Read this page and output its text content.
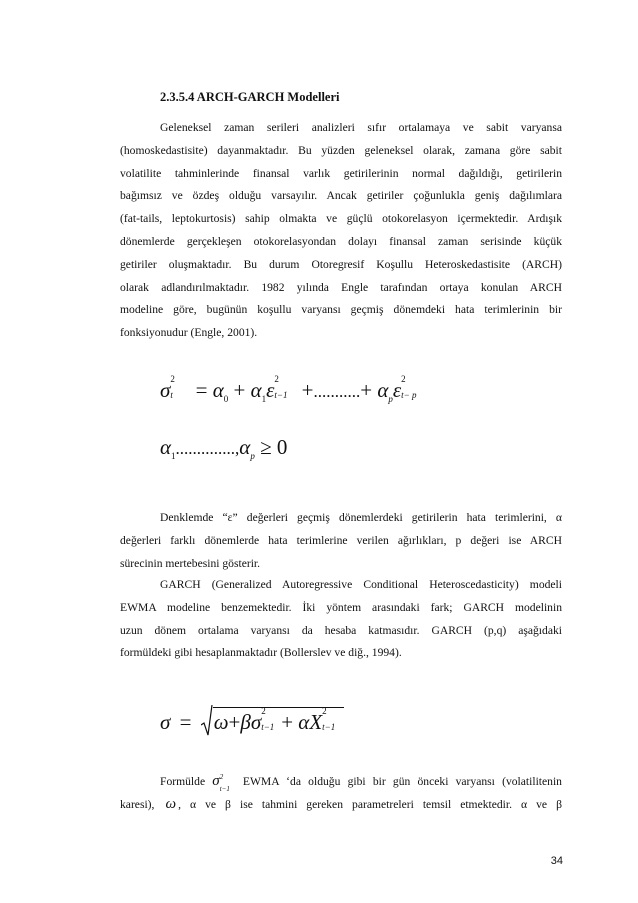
2.3.5.4 ARCH-GARCH Modelleri
Geleneksel zaman serileri analizleri sıfır ortalamaya ve sabit varyansa
(homoskedastisite) dayanmaktadır. Bu yüzden geleneksel olarak, zamana göre sabit
volatilite tahminlerinde finansal varlık getirilerinin normal dağıldığı, getirilerin
bağımsız ve özdeş olduğu varsayılır. Ancak getiriler çoğunlukla geniş dağılımlara
(fat-tails, leptokurtosis) sahip olmakta ve güçlü otokorelasyon içermektedir. Ardışık
dönemlerde gerçekleşen otokorelasyondan dolayı finansal zaman serisinde küçük
getiriler oluşmaktadır. Bu durum Otoregresif Koşullu Heteroskedastisite (ARCH)
olarak adlandırılmaktadır. 1982 yılında Engle tarafından ortaya konulan ARCH
modeline göre, bugünün koşullu varyansı geçmiş dönemdeki hata terimlerinin bir
fonksiyonudur (Engle, 2001).
σ 2
$t = \alpha_0 + \alpha_1\varepsilon$ 2
t−1 +...........+ $\alpha_p\varepsilon$ 2
t− p
$\alpha_1..............,\alpha_p \ge 0$
Denklemde “ε” değerleri geçmiş dönemlerdeki getirilerin hata terimlerini, α
değerleri farklı dönemlerde hata terimlerine verilen ağırlıkları, p değeri ise ARCH
sürecinin mertebesini gösterir.
GARCH (Generalized Autoregressive Conditional Heteroscedasticity) modeli
EWMA modeline benzemektedir. İki yöntem arasındaki fark; GARCH modelinin
uzun dönem ortalama varyansı da hesaba katmasıdır. GARCH (p,q) aşağıdaki
formüldeki gibi hesaplanmaktadır (Bollerslev ve diğ., 1994).
σ = ω+βσ 2
t−1 + αX 2
t−1
Formülde σ 2
t−1
EWMA ‘da olduğu gibi bir gün önceki varyansı (volatilitenin
karesi), ω , α ve β ise tahmini gereken parametreleri temsil etmektedir. α ve β
34
